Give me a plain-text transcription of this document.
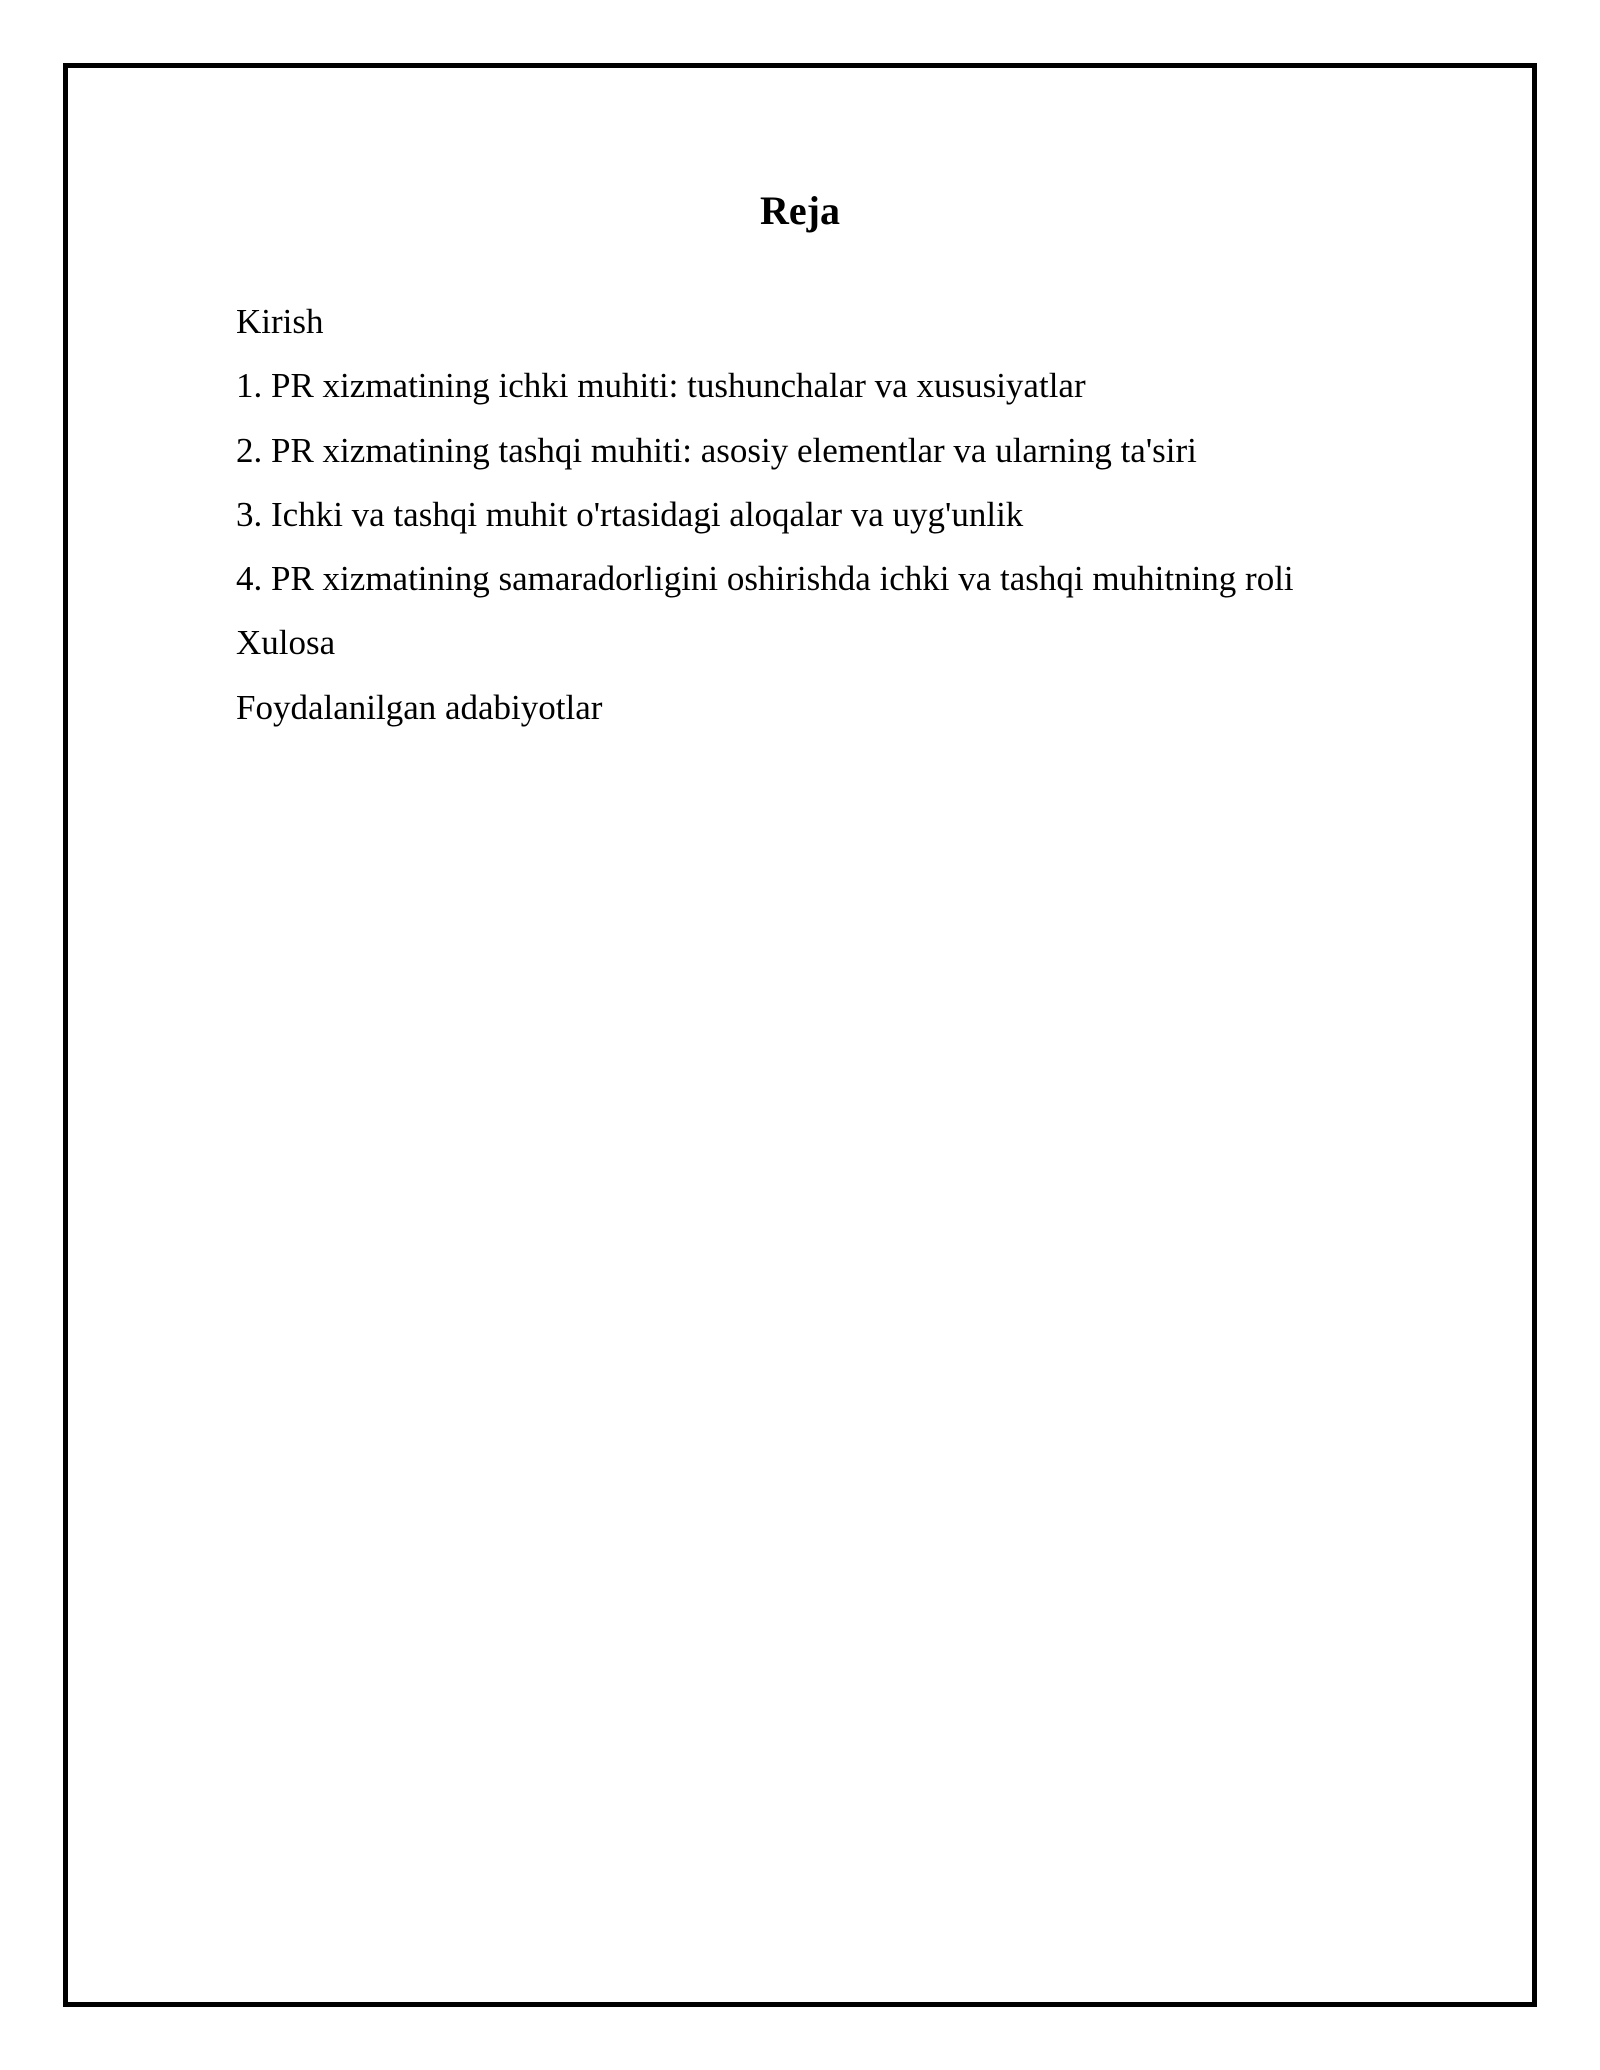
Reja
Kirish
1. PR xizmatining ichki muhiti: tushunchalar va xususiyatlar
2. PR xizmatining tashqi muhiti: asosiy elementlar va ularning ta'siri
3. Ichki va tashqi muhit o'rtasidagi aloqalar va uyg'unlik
4. PR xizmatining samaradorligini oshirishda ichki va tashqi muhitning roli
Xulosa
Foydalanilgan adabiyotlar
